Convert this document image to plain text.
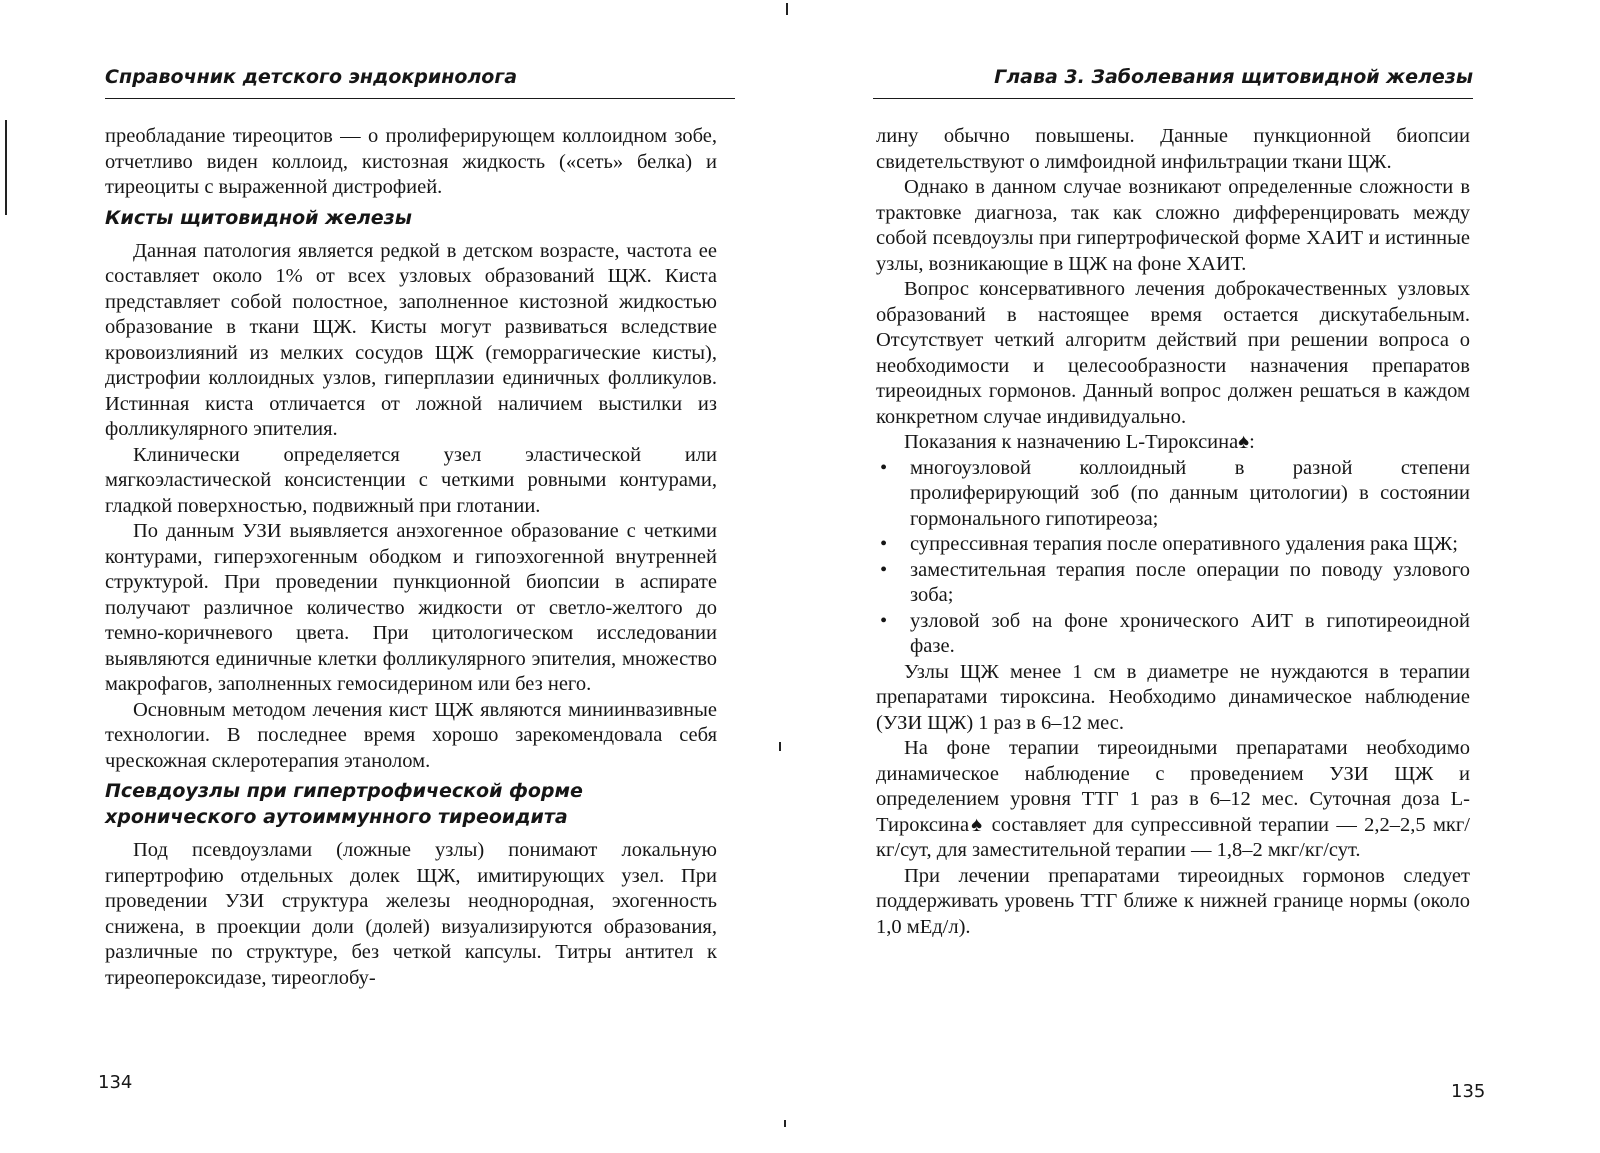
Справочник детского эндокринолога

преобладание тиреоцитов — о пролиферирующем коллоидном зобе, отчетливо виден коллоид, кистозная жидкость («сеть» белка) и тиреоциты с выраженной дистрофией.

Кисты щитовидной железы

Данная патология является редкой в детском возрасте, частота ее составляет около 1% от всех узловых образований ЩЖ. Киста представляет собой полостное, заполненное кистозной жидкостью образование в ткани ЩЖ. Кисты могут развиваться вследствие кровоизлияний из мелких сосудов ЩЖ (геморрагические кисты), дистрофии коллоидных узлов, гиперплазии единичных фолликулов. Истинная киста отличается от ложной наличием выстилки из фолликулярного эпителия.

Клинически определяется узел эластической или мягкоэластической консистенции с четкими ровными контурами, гладкой поверхностью, подвижный при глотании.

По данным УЗИ выявляется анэхогенное образование с четкими контурами, гиперэхогенным ободком и гипоэхогенной внутренней структурой. При проведении пункционной биопсии в аспирате получают различное количество жидкости от светло-желтого до темно-коричневого цвета. При цитологическом исследовании выявляются единичные клетки фолликулярного эпителия, множество макрофагов, заполненных гемосидерином или без него.

Основным методом лечения кист ЩЖ являются миниинвазивные технологии. В последнее время хорошо зарекомендовала себя чрескожная склеротерапия этанолом.

Псевдоузлы при гипертрофической форме хронического аутоиммунного тиреоидита

Под псевдоузлами (ложные узлы) понимают локальную гипертрофию отдельных долек ЩЖ, имитирующих узел. При проведении УЗИ структура железы неоднородная, эхогенность снижена, в проекции доли (долей) визуализируются образования, различные по структуре, без четкой капсулы. Титры антител к тиреопероксидазе, тиреоглобу-

134
Глава 3. Заболевания щитовидной железы

лину обычно повышены. Данные пункционной биопсии свидетельствуют о лимфоидной инфильтрации ткани ЩЖ.

Однако в данном случае возникают определенные сложности в трактовке диагноза, так как сложно дифференцировать между собой псевдоузлы при гипертрофической форме ХАИТ и истинные узлы, возникающие в ЩЖ на фоне ХАИТ.

Вопрос консервативного лечения доброкачественных узловых образований в настоящее время остается дискутабельным. Отсутствует четкий алгоритм действий при решении вопроса о необходимости и целесообразности назначения препаратов тиреоидных гормонов. Данный вопрос должен решаться в каждом конкретном случае индивидуально.

Показания к назначению L-Тироксина♠:

• многоузловой коллоидный в разной степени пролиферирующий зоб (по данным цитологии) в состоянии гормонального гипотиреоза;
• супрессивная терапия после оперативного удаления рака ЩЖ;
• заместительная терапия после операции по поводу узлового зоба;
• узловой зоб на фоне хронического АИТ в гипотиреоидной фазе.

Узлы ЩЖ менее 1 см в диаметре не нуждаются в терапии препаратами тироксина. Необходимо динамическое наблюдение (УЗИ ЩЖ) 1 раз в 6–12 мес.

На фоне терапии тиреоидными препаратами необходимо динамическое наблюдение с проведением УЗИ ЩЖ и определением уровня ТТГ 1 раз в 6–12 мес. Суточная доза L-Тироксина♠ составляет для супрессивной терапии — 2,2–2,5 мкг/кг/сут, для заместительной терапии — 1,8–2 мкг/кг/сут.

При лечении препаратами тиреоидных гормонов следует поддерживать уровень ТТГ ближе к нижней границе нормы (около 1,0 мЕд/л).

135
